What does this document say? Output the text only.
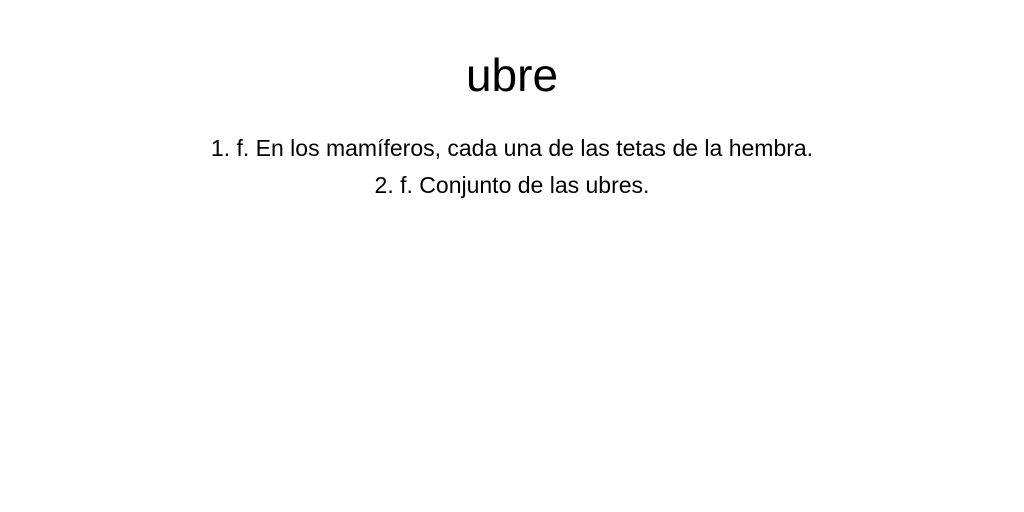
ubre
1. f. En los mamíferos, cada una de las tetas de la hembra.
2. f. Conjunto de las ubres.
